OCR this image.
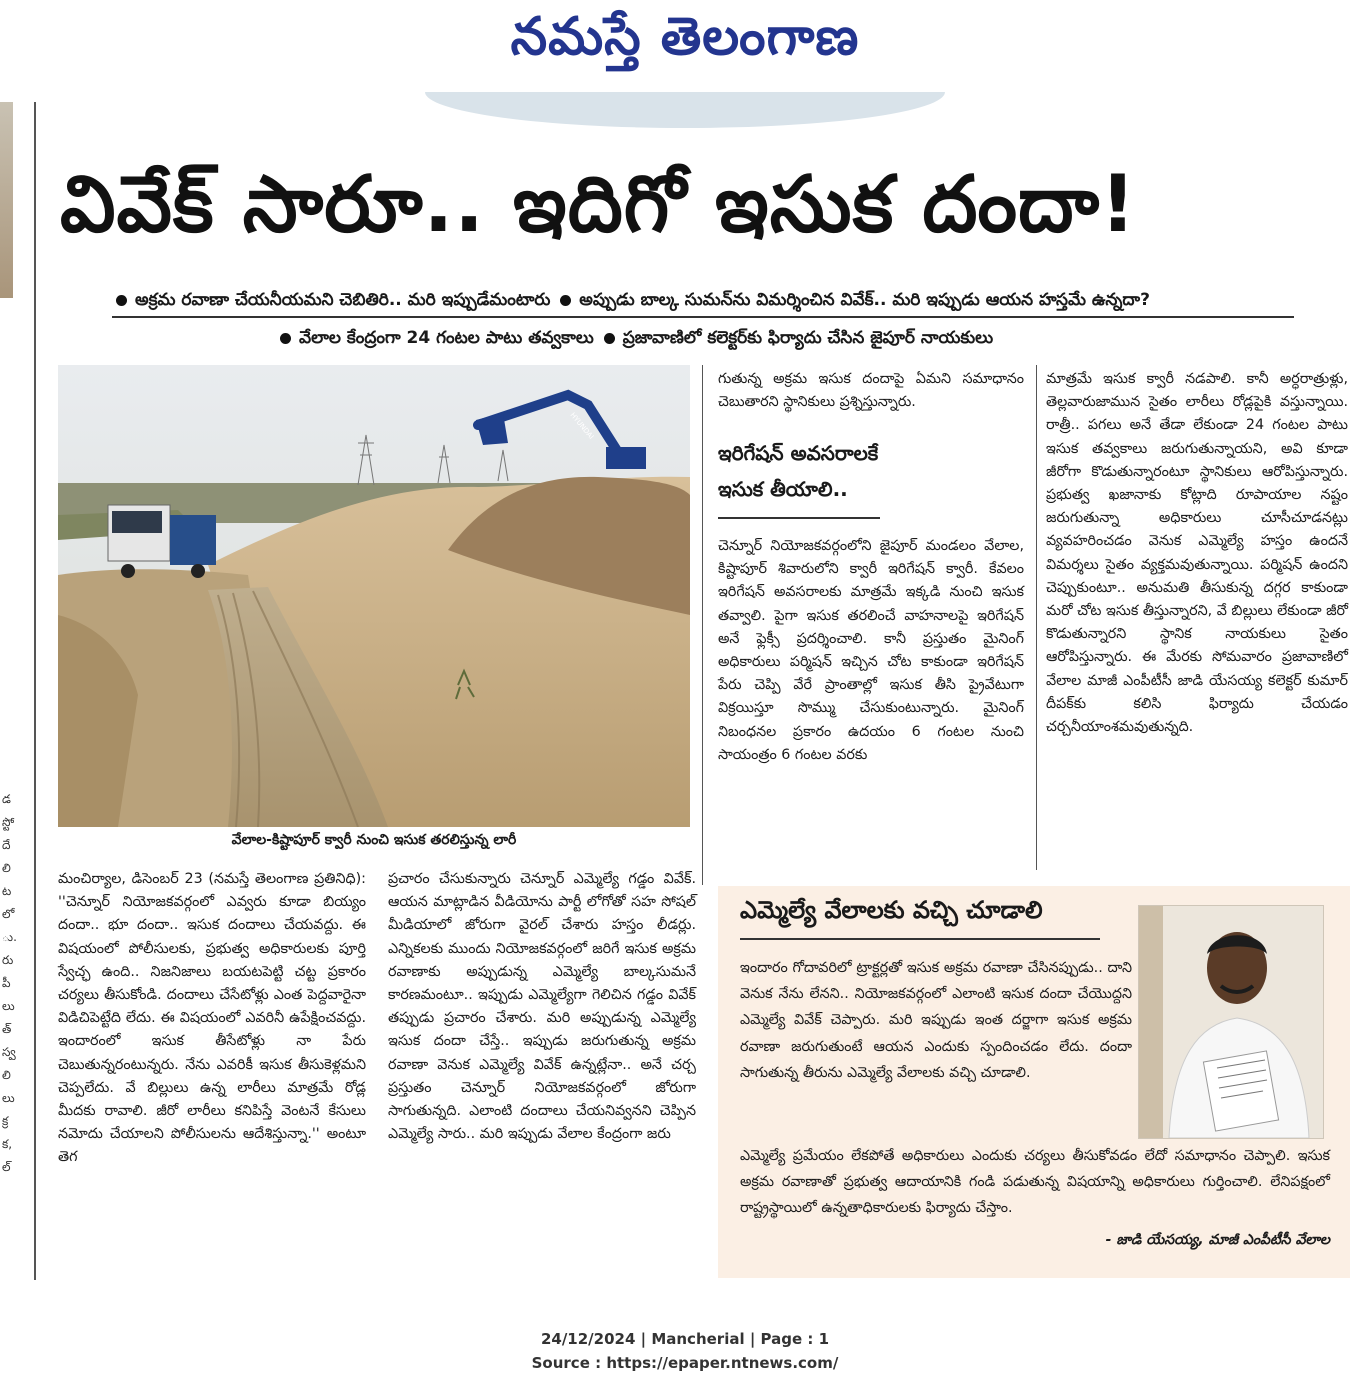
నమస్తే తెలంగాణ
డ
స్టో
దే
లి
ట
లో
ు.
రు
పీ
లు
త్
స్వ
లి
లు
క్ర
క,
ల్
వివేక్ సారూ.. ఇదిగో ఇసుక దందా!
అక్రమ రవాణా చేయనీయమని చెబితిరి.. మరి ఇప్పుడేమంటారు అప్పుడు బాల్క సుమన్‌ను విమర్శించిన వివేక్.. మరి ఇప్పుడు ఆయన హస్తమే ఉన్నదా?
వేలాల కేంద్రంగా 24 గంటల పాటు తవ్వకాలు ప్రజావాణిలో కలెక్టర్‌కు ఫిర్యాదు చేసిన జైపూర్ నాయకులు
HYUNDAI
వేలాల-కిష్టాపూర్ క్వారీ నుంచి ఇసుక తరలిస్తున్న లారీ
మంచిర్యాల, డిసెంబర్ 23 (నమస్తే తెలంగాణ ప్రతినిధి): ''చెన్నూర్ నియోజకవర్గంలో ఎవ్వరు కూడా బియ్యం దందా.. భూ దందా.. ఇసుక దందాలు చేయవద్దు. ఈ విషయంలో పోలీసులకు, ప్రభుత్వ అధికారులకు పూర్తి స్వేచ్ఛ ఉంది.. నిజనిజాలు బయటపెట్టి చట్ట ప్రకారం చర్యలు తీసుకోండి. దందాలు చేసేటోళ్లు ఎంత పెద్దవారైనా విడిచిపెట్టేది లేదు. ఈ విషయంలో ఎవరినీ ఉపేక్షించవద్దు. ఇందారంలో ఇసుక తీసేటోళ్లు నా పేరు చెబుతున్నరంటున్నరు. నేను ఎవరికీ ఇసుక తీసుకెళ్లమని చెప్పలేదు. వే బిల్లులు ఉన్న లారీలు మాత్రమే రోడ్ల మీదకు రావాలి. జీరో లారీలు కనిపిస్తే వెంటనే కేసులు నమోదు చేయాలని పోలీసులను ఆదేశిస్తున్నా.'' అంటూ తెగ
ప్రచారం చేసుకున్నారు చెన్నూర్ ఎమ్మెల్యే గడ్డం వివేక్. ఆయన మాట్లాడిన వీడియోను పార్టీ లోగోతో సహ సోషల్ మీడియాలో జోరుగా వైరల్ చేశారు హస్తం లీడర్లు. ఎన్నికలకు ముందు నియోజకవర్గంలో జరిగే ఇసుక అక్రమ రవాణాకు అప్పుడున్న ఎమ్మెల్యే బాల్కసుమనే కారణమంటూ.. ఇప్పుడు ఎమ్మెల్యేగా గెలిచిన గడ్డం వివేక్ తప్పుడు ప్రచారం చేశారు. మరి అప్పుడున్న ఎమ్మెల్యే ఇసుక దందా చేస్తే.. ఇప్పుడు జరుగుతున్న అక్రమ రవాణా వెనుక ఎమ్మెల్యే వివేక్ ఉన్నట్లేనా.. అనే చర్చ ప్రస్తుతం చెన్నూర్ నియోజకవర్గంలో జోరుగా సాగుతున్నది. ఎలాంటి దందాలు చేయనివ్వనని చెప్పిన ఎమ్మెల్యే సారు.. మరి ఇప్పుడు వేలాల కేంద్రంగా జరు
గుతున్న అక్రమ ఇసుక దందాపై ఏమని సమాధానం చెబుతారని స్థానికులు ప్రశ్నిస్తున్నారు.
ఇరిగేషన్ అవసరాలకే ఇసుక తీయాలి..
చెన్నూర్ నియోజకవర్గంలోని జైపూర్ మండలం వేలాల, కిష్టాపూర్ శివారులోని క్వారీ ఇరిగేషన్ క్వారీ. కేవలం ఇరిగేషన్ అవసరాలకు మాత్రమే ఇక్కడి నుంచి ఇసుక తవ్వాలి. పైగా ఇసుక తరలించే వాహనాలపై ఇరిగేషన్ అనే ఫ్లెక్సీ ప్రదర్శించాలి. కానీ ప్రస్తుతం మైనింగ్ అధికారులు పర్మిషన్ ఇచ్చిన చోట కాకుండా ఇరిగేషన్ పేరు చెప్పి వేరే ప్రాంతాల్లో ఇసుక తీసి ప్రైవేటుగా విక్రయిస్తూ సొమ్ము చేసుకుంటున్నారు. మైనింగ్ నిబంధనల ప్రకారం ఉదయం 6 గంటల నుంచి సాయంత్రం 6 గంటల వరకు
మాత్రమే ఇసుక క్వారీ నడపాలి. కానీ అర్ధరాత్రుళ్లు, తెల్లవారుజామున సైతం లారీలు రోడ్లపైకి వస్తున్నాయి. రాత్రీ.. పగలు అనే తేడా లేకుండా 24 గంటల పాటు ఇసుక తవ్వకాలు జరుగుతున్నాయని, అవి కూడా జీరోగా కొడుతున్నారంటూ స్థానికులు ఆరోపిస్తున్నారు. ప్రభుత్వ ఖజానాకు కోట్లాది రూపాయాల నష్టం జరుగుతున్నా అధికారులు చూసీచూడనట్లు వ్యవహరించడం వెనుక ఎమ్మెల్యే హస్తం ఉందనే విమర్శలు సైతం వ్యక్తమవుతున్నాయి. పర్మిషన్ ఉందని చెప్పుకుంటూ.. అనుమతి తీసుకున్న దగ్గర కాకుండా మరో చోట ఇసుక తీస్తున్నారని, వే బిల్లులు లేకుండా జీరో కొడుతున్నారని స్థానిక నాయకులు సైతం ఆరోపిస్తున్నారు. ఈ మేరకు సోమవారం ప్రజావాణిలో వేలాల మాజీ ఎంపీటీసీ జాడి యేసయ్య కలెక్టర్ కుమార్ దీపక్‌కు కలిసి ఫిర్యాదు చేయడం చర్చనీయాంశమవుతున్నది.
ఎమ్మెల్యే వేలాలకు వచ్చి చూడాలి
ఇందారం గోదావరిలో ట్రాక్టర్లతో ఇసుక అక్రమ రవాణా చేసినప్పుడు.. దాని వెనుక నేను లేనని.. నియోజకవర్గంలో ఎలాంటి ఇసుక దందా చేయొద్దని ఎమ్మెల్యే వివేక్ చెప్పారు. మరి ఇప్పుడు ఇంత దర్జాగా ఇసుక అక్రమ రవాణా జరుగుతుంటే ఆయన ఎందుకు స్పందించడం లేదు. దందా సాగుతున్న తీరును ఎమ్మెల్యే వేలాలకు వచ్చి చూడాలి.
ఎమ్మెల్యే ప్రమేయం లేకపోతే అధికారులు ఎందుకు చర్యలు తీసుకోవడం లేదో సమాధానం చెప్పాలి. ఇసుక అక్రమ రవాణాతో ప్రభుత్వ ఆదాయానికి గండి పడుతున్న విషయాన్ని అధికారులు గుర్తించాలి. లేనిపక్షంలో రాష్ట్రస్థాయిలో ఉన్నతాధికారులకు ఫిర్యాదు చేస్తాం.
- జాడి యేసయ్య, మాజీ ఎంపీటీసీ వేలాల
24/12/2024 | Mancherial | Page : 1
Source : https://epaper.ntnews.com/
